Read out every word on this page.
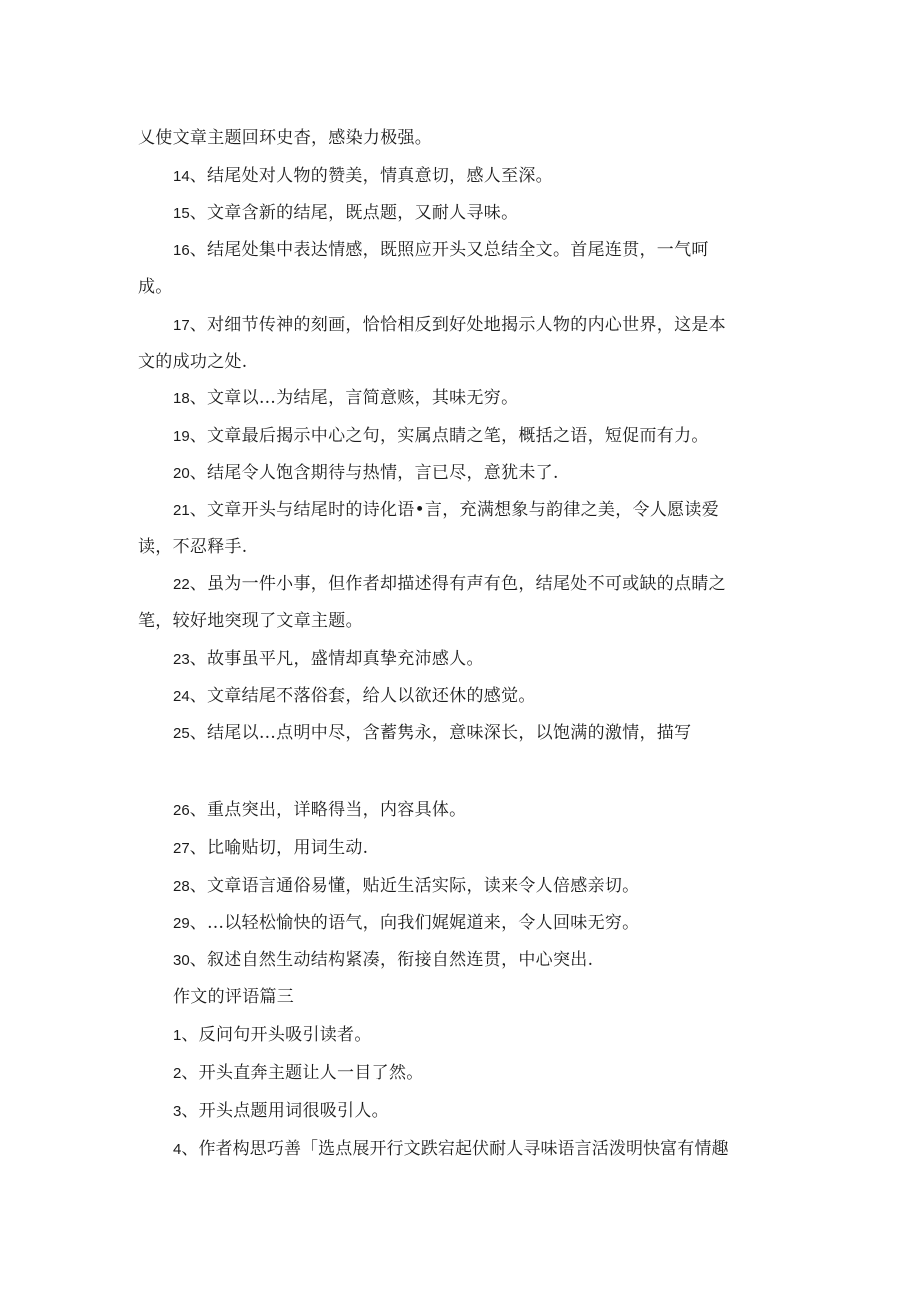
乂使文章主题回环史杳，感染力极强。
14、结尾处对人物的赞美，情真意切，感人至深。
15、文章含新的结尾，既点题，又耐人寻味。
16、结尾处集中表达情感，既照应开头又总结全文。首尾连贯，一气呵
成。
17、对细节传神的刻画，恰恰相反到好处地揭示人物的内心世界，这是本
文的成功之处.
18、文章以…为结尾，言简意赅，其味无穷。
19、文章最后揭示中心之句，实属点睛之笔，概括之语，短促而有力。
20、结尾令人饱含期待与热情，言已尽，意犹未了.
21、文章开头与结尾时的诗化语•言，充满想象与韵律之美，令人愿读爱
读，不忍释手.
22、虽为一件小事，但作者却描述得有声有色，结尾处不可或缺的点睛之
笔，较好地突现了文章主题。
23、故事虽平凡，盛情却真挚充沛感人。
24、文章结尾不落俗套，给人以欲还休的感觉。
25、结尾以…点明中尽，含蓄隽永，意味深长，以饱满的激情，描写
26、重点突出，详略得当，内容具体。
27、比喻贴切，用词生动.
28、文章语言通俗易懂，贴近生活实际，读来令人倍感亲切。
29、…以轻松愉快的语气，向我们娓娓道来，令人回味无穷。
30、叙述自然生动结构紧凑，衔接自然连贯，中心突出.
作文的评语篇三
1、反问句开头吸引读者。
2、开头直奔主题让人一目了然。
3、开头点题用词很吸引人。
4、作者构思巧善「选点展开行文跌宕起伏耐人寻味语言活泼明快富有情趣
